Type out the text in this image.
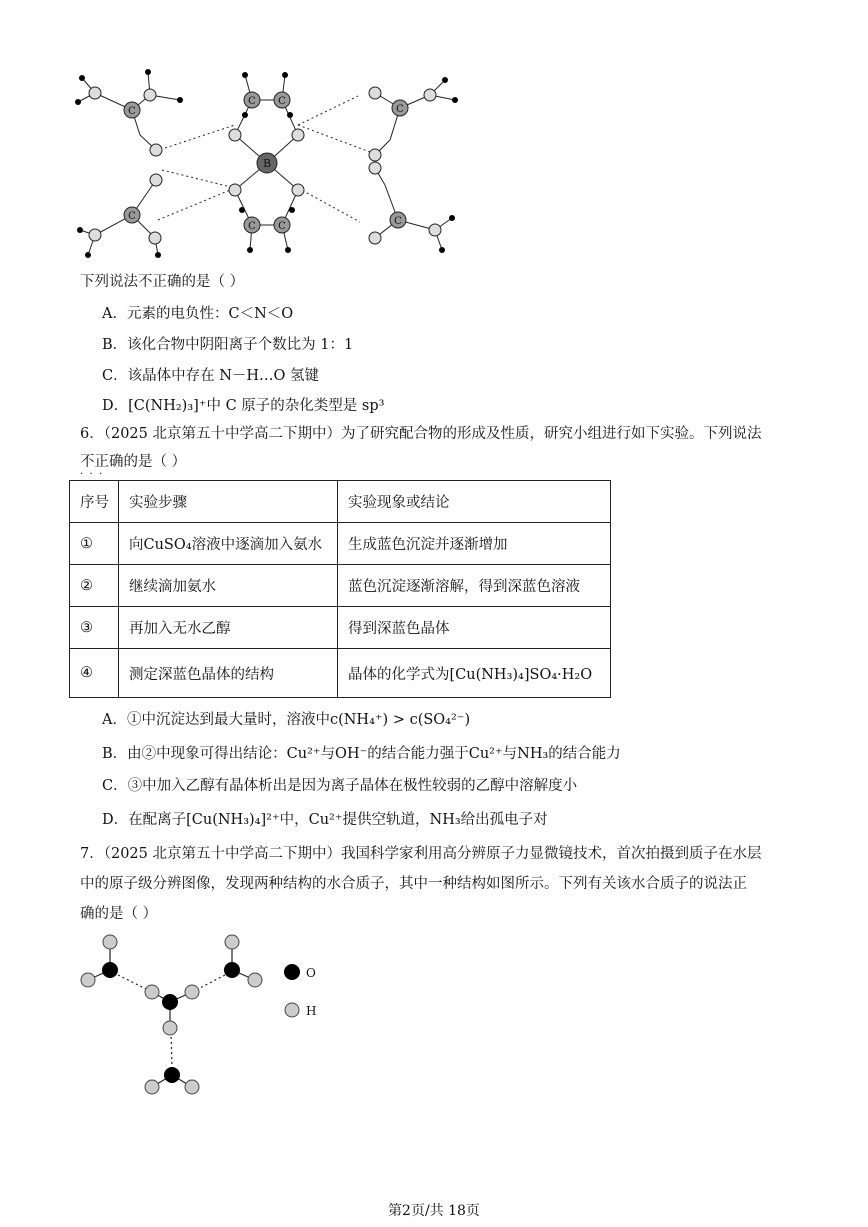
C
C
C C
C C
C
C
B
下列说法不正确的是（ ）
A．元素的电负性：C＜N＜O
B．该化合物中阴阳离子个数比为 1：1
C．该晶体中存在 N－H…O 氢键
D．[C(NH₂)₃]⁺中 C 原子的杂化类型是 sp³
6．（2025 北京第五十中学高二下期中）为了研究配合物的形成及性质，研究小组进行如下实验。下列说法
不正确的是（ ）
·  ·  ·
序号	实验步骤	实验现象或结论
①	向CuSO₄溶液中逐滴加入氨水	生成蓝色沉淀并逐渐增加
②	继续滴加氨水	蓝色沉淀逐渐溶解，得到深蓝色溶液
③	再加入无水乙醇	得到深蓝色晶体
④	测定深蓝色晶体的结构	晶体的化学式为[Cu(NH₃)₄]SO₄·H₂O
A．①中沉淀达到最大量时，溶液中c(NH₄⁺) > c(SO₄²⁻)
B．由②中现象可得出结论：Cu²⁺与OH⁻的结合能力强于Cu²⁺与NH₃的结合能力
C．③中加入乙醇有晶体析出是因为离子晶体在极性较弱的乙醇中溶解度小
D．在配离子[Cu(NH₃)₄]²⁺中，Cu²⁺提供空轨道，NH₃给出孤电子对
7．（2025 北京第五十中学高二下期中）我国科学家利用高分辨原子力显微镜技术，首次拍摄到质子在水层
中的原子级分辨图像，发现两种结构的水合质子，其中一种结构如图所示。下列有关该水合质子的说法正
确的是（ ）
O
H
第2页/共 18页
